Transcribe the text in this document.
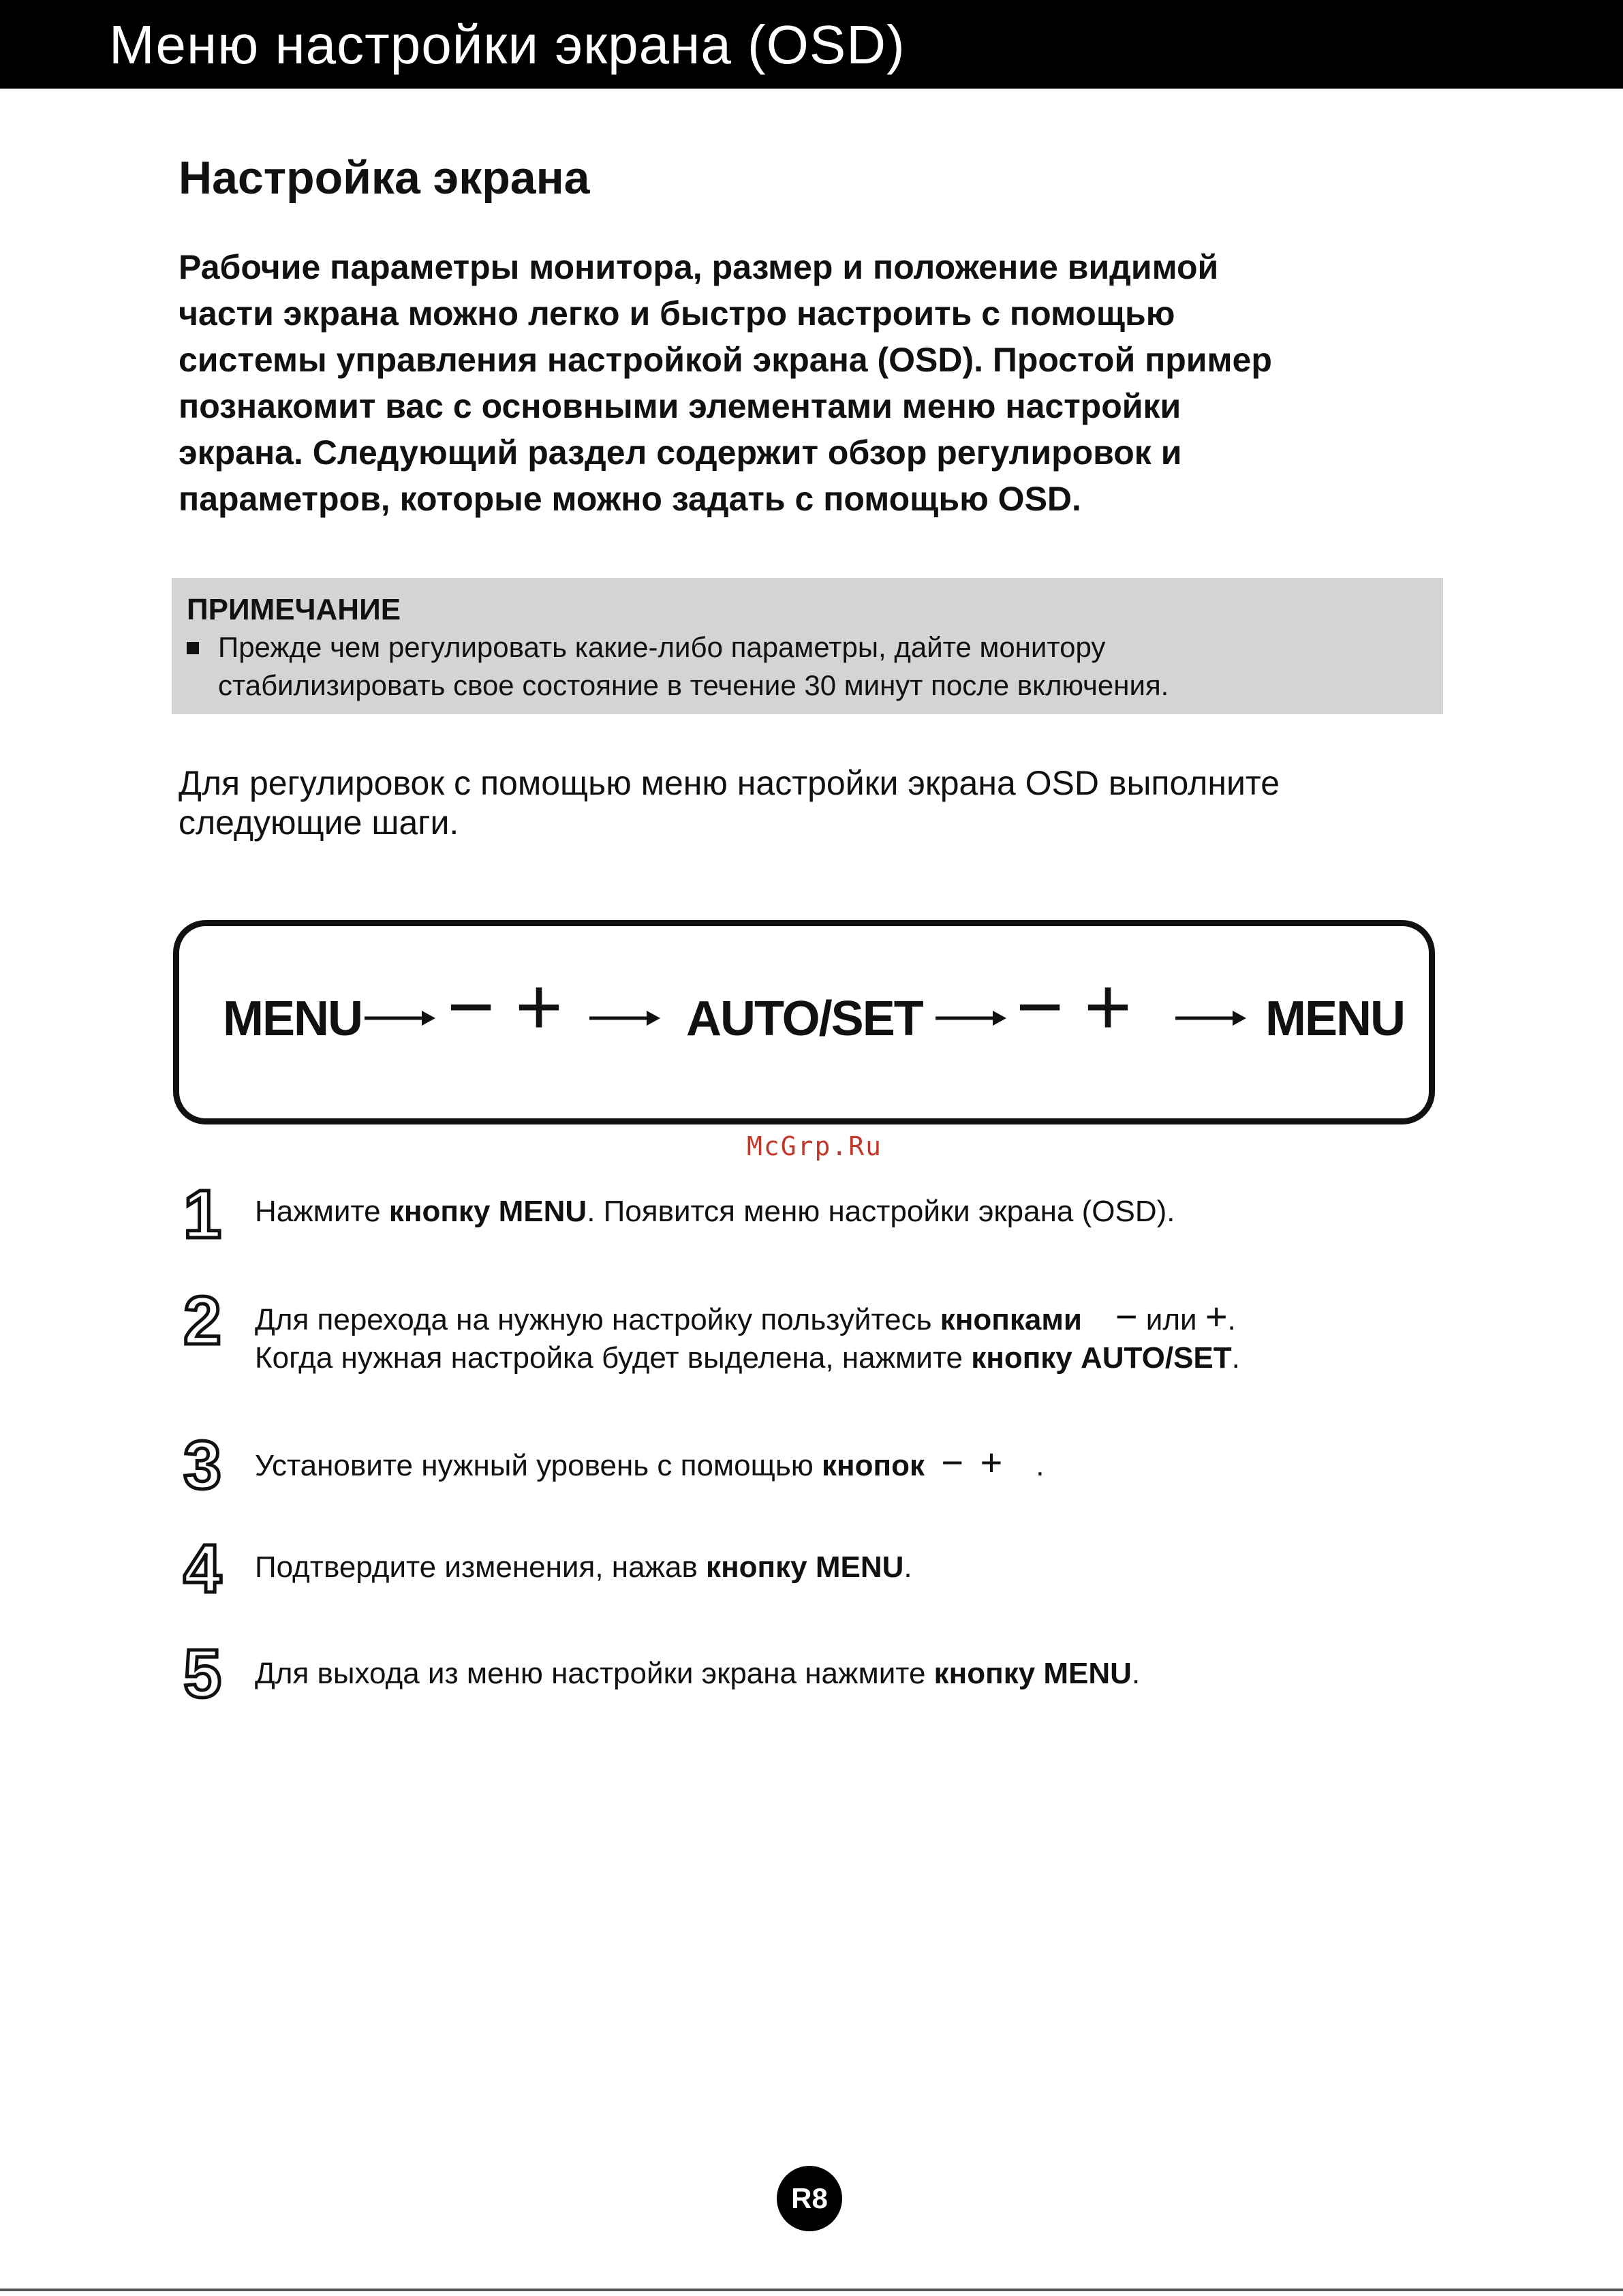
Меню настройки экрана (OSD)
Настройка экрана
Рабочие параметры монитора, размер и положение видимой
части экрана можно легко и быстро настроить с помощью
системы управления настройкой экрана (OSD). Простой пример
познакомит вас с основными элементами меню настройки
экрана. Следующий раздел содержит обзор регулировок и
параметров, которые можно задать с помощью OSD.
ПРИМЕЧАНИЕ
Прежде чем регулировать какие-либо параметры, дайте монитору
стабилизировать свое состояние в течение 30 минут после включения.
Для регулировок с помощью меню настройки экрана OSD выполните
следующие шаги.
MENU − +	AUTO/SET − +	MENU
McGrp.Ru
1 Нажмите кнопку MENU. Появится меню настройки экрана (OSD).
2 Для перехода на нужную настройку пользуйтесь кнопками − или +.
Когда нужная настройка будет выделена, нажмите кнопку AUTO/SET.
3 Установите нужный уровень с помощью кнопок − + .
4 Подтвердите изменения, нажав кнопку MENU.
5 Для выхода из меню настройки экрана нажмите кнопку MENU.
R8
